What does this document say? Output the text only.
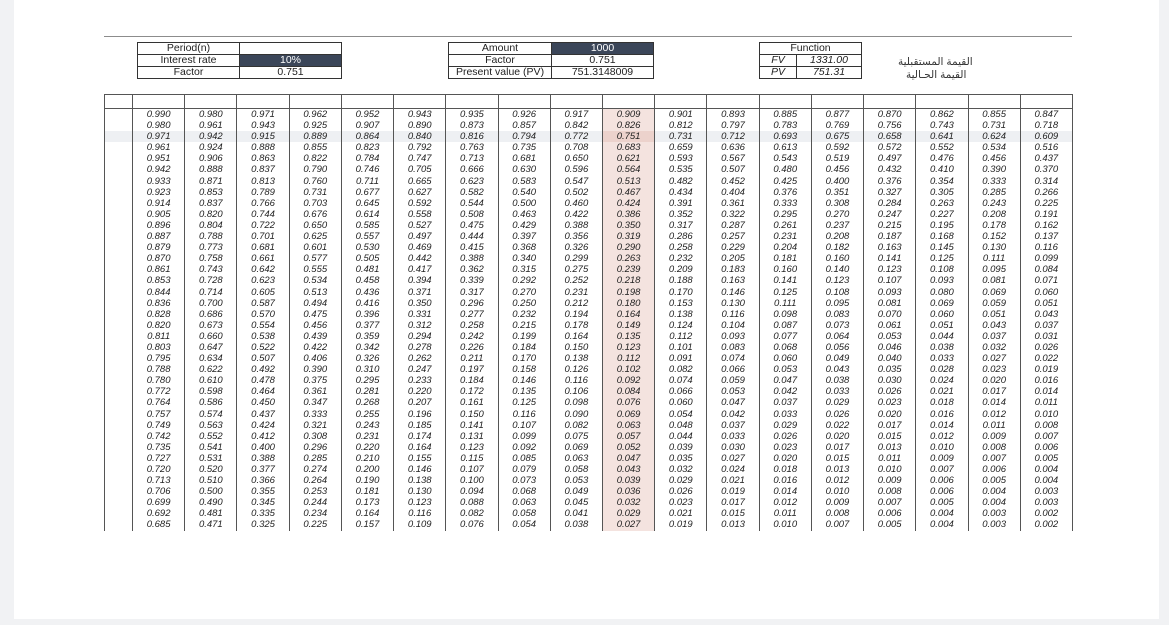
Period(n)	
Interest rate	10%
Factor	0.751
Amount	1000
Factor	0.751
Present value (PV)	751.3148009
Function	
FV	1331.00
PV	751.31
القيمة المستقبلية
القيمة الحـالية

	0.990	0.980	0.971	0.962	0.952	0.943	0.935	0.926	0.917	0.909	0.901	0.893	0.885	0.877	0.870	0.862	0.855	0.847
	0.980	0.961	0.943	0.925	0.907	0.890	0.873	0.857	0.842	0.826	0.812	0.797	0.783	0.769	0.756	0.743	0.731	0.718
	0.971	0.942	0.915	0.889	0.864	0.840	0.816	0.794	0.772	0.751	0.731	0.712	0.693	0.675	0.658	0.641	0.624	0.609
	0.961	0.924	0.888	0.855	0.823	0.792	0.763	0.735	0.708	0.683	0.659	0.636	0.613	0.592	0.572	0.552	0.534	0.516
	0.951	0.906	0.863	0.822	0.784	0.747	0.713	0.681	0.650	0.621	0.593	0.567	0.543	0.519	0.497	0.476	0.456	0.437
	0.942	0.888	0.837	0.790	0.746	0.705	0.666	0.630	0.596	0.564	0.535	0.507	0.480	0.456	0.432	0.410	0.390	0.370
	0.933	0.871	0.813	0.760	0.711	0.665	0.623	0.583	0.547	0.513	0.482	0.452	0.425	0.400	0.376	0.354	0.333	0.314
	0.923	0.853	0.789	0.731	0.677	0.627	0.582	0.540	0.502	0.467	0.434	0.404	0.376	0.351	0.327	0.305	0.285	0.266
	0.914	0.837	0.766	0.703	0.645	0.592	0.544	0.500	0.460	0.424	0.391	0.361	0.333	0.308	0.284	0.263	0.243	0.225
	0.905	0.820	0.744	0.676	0.614	0.558	0.508	0.463	0.422	0.386	0.352	0.322	0.295	0.270	0.247	0.227	0.208	0.191
	0.896	0.804	0.722	0.650	0.585	0.527	0.475	0.429	0.388	0.350	0.317	0.287	0.261	0.237	0.215	0.195	0.178	0.162
	0.887	0.788	0.701	0.625	0.557	0.497	0.444	0.397	0.356	0.319	0.286	0.257	0.231	0.208	0.187	0.168	0.152	0.137
	0.879	0.773	0.681	0.601	0.530	0.469	0.415	0.368	0.326	0.290	0.258	0.229	0.204	0.182	0.163	0.145	0.130	0.116
	0.870	0.758	0.661	0.577	0.505	0.442	0.388	0.340	0.299	0.263	0.232	0.205	0.181	0.160	0.141	0.125	0.111	0.099
	0.861	0.743	0.642	0.555	0.481	0.417	0.362	0.315	0.275	0.239	0.209	0.183	0.160	0.140	0.123	0.108	0.095	0.084
	0.853	0.728	0.623	0.534	0.458	0.394	0.339	0.292	0.252	0.218	0.188	0.163	0.141	0.123	0.107	0.093	0.081	0.071
	0.844	0.714	0.605	0.513	0.436	0.371	0.317	0.270	0.231	0.198	0.170	0.146	0.125	0.108	0.093	0.080	0.069	0.060
	0.836	0.700	0.587	0.494	0.416	0.350	0.296	0.250	0.212	0.180	0.153	0.130	0.111	0.095	0.081	0.069	0.059	0.051
	0.828	0.686	0.570	0.475	0.396	0.331	0.277	0.232	0.194	0.164	0.138	0.116	0.098	0.083	0.070	0.060	0.051	0.043
	0.820	0.673	0.554	0.456	0.377	0.312	0.258	0.215	0.178	0.149	0.124	0.104	0.087	0.073	0.061	0.051	0.043	0.037
	0.811	0.660	0.538	0.439	0.359	0.294	0.242	0.199	0.164	0.135	0.112	0.093	0.077	0.064	0.053	0.044	0.037	0.031
	0.803	0.647	0.522	0.422	0.342	0.278	0.226	0.184	0.150	0.123	0.101	0.083	0.068	0.056	0.046	0.038	0.032	0.026
	0.795	0.634	0.507	0.406	0.326	0.262	0.211	0.170	0.138	0.112	0.091	0.074	0.060	0.049	0.040	0.033	0.027	0.022
	0.788	0.622	0.492	0.390	0.310	0.247	0.197	0.158	0.126	0.102	0.082	0.066	0.053	0.043	0.035	0.028	0.023	0.019
	0.780	0.610	0.478	0.375	0.295	0.233	0.184	0.146	0.116	0.092	0.074	0.059	0.047	0.038	0.030	0.024	0.020	0.016
	0.772	0.598	0.464	0.361	0.281	0.220	0.172	0.135	0.106	0.084	0.066	0.053	0.042	0.033	0.026	0.021	0.017	0.014
	0.764	0.586	0.450	0.347	0.268	0.207	0.161	0.125	0.098	0.076	0.060	0.047	0.037	0.029	0.023	0.018	0.014	0.011
	0.757	0.574	0.437	0.333	0.255	0.196	0.150	0.116	0.090	0.069	0.054	0.042	0.033	0.026	0.020	0.016	0.012	0.010
	0.749	0.563	0.424	0.321	0.243	0.185	0.141	0.107	0.082	0.063	0.048	0.037	0.029	0.022	0.017	0.014	0.011	0.008
	0.742	0.552	0.412	0.308	0.231	0.174	0.131	0.099	0.075	0.057	0.044	0.033	0.026	0.020	0.015	0.012	0.009	0.007
	0.735	0.541	0.400	0.296	0.220	0.164	0.123	0.092	0.069	0.052	0.039	0.030	0.023	0.017	0.013	0.010	0.008	0.006
	0.727	0.531	0.388	0.285	0.210	0.155	0.115	0.085	0.063	0.047	0.035	0.027	0.020	0.015	0.011	0.009	0.007	0.005
	0.720	0.520	0.377	0.274	0.200	0.146	0.107	0.079	0.058	0.043	0.032	0.024	0.018	0.013	0.010	0.007	0.006	0.004
	0.713	0.510	0.366	0.264	0.190	0.138	0.100	0.073	0.053	0.039	0.029	0.021	0.016	0.012	0.009	0.006	0.005	0.004
	0.706	0.500	0.355	0.253	0.181	0.130	0.094	0.068	0.049	0.036	0.026	0.019	0.014	0.010	0.008	0.006	0.004	0.003
	0.699	0.490	0.345	0.244	0.173	0.123	0.088	0.063	0.045	0.032	0.023	0.017	0.012	0.009	0.007	0.005	0.004	0.003
	0.692	0.481	0.335	0.234	0.164	0.116	0.082	0.058	0.041	0.029	0.021	0.015	0.011	0.008	0.006	0.004	0.003	0.002
	0.685	0.471	0.325	0.225	0.157	0.109	0.076	0.054	0.038	0.027	0.019	0.013	0.010	0.007	0.005	0.004	0.003	0.002
